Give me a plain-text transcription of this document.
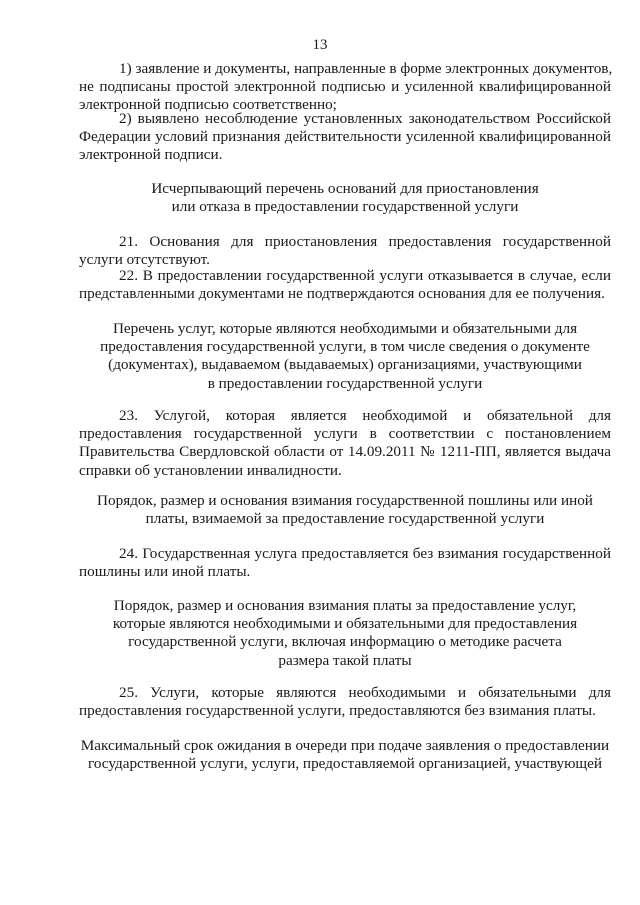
13
1) заявление и документы, направленные в форме электронных документов,
не подписаны простой электронной подписью и усиленной квалифицированной
электронной подписью соответственно;
2) выявлено несоблюдение установленных законодательством Российской
Федерации условий признания действительности усиленной квалифицированной
электронной подписи.
Исчерпывающий перечень оснований для приостановления
или отказа в предоставлении государственной услуги
21. Основания для приостановления предоставления государственной
услуги отсутствуют.
22. В предоставлении государственной услуги отказывается в случае, если
представленными документами не подтверждаются основания для ее получения.
Перечень услуг, которые являются необходимыми и обязательными для
предоставления государственной услуги, в том числе сведения о документе
(документах), выдаваемом (выдаваемых) организациями, участвующими
в предоставлении государственной услуги
23. Услугой, которая является необходимой и обязательной для
предоставления государственной услуги в соответствии с постановлением
Правительства Свердловской области от 14.09.2011 № 1211-ПП, является выдача
справки об установлении инвалидности.
Порядок, размер и основания взимания государственной пошлины или иной
платы, взимаемой за предоставление государственной услуги
24. Государственная услуга предоставляется без взимания государственной
пошлины или иной платы.
Порядок, размер и основания взимания платы за предоставление услуг,
которые являются необходимыми и обязательными для предоставления
государственной услуги, включая информацию о методике расчета
размера такой платы
25. Услуги, которые являются необходимыми и обязательными для
предоставления государственной услуги, предоставляются без взимания платы.
Максимальный срок ожидания в очереди при подаче заявления о предоставлении
государственной услуги, услуги, предоставляемой организацией, участвующей
